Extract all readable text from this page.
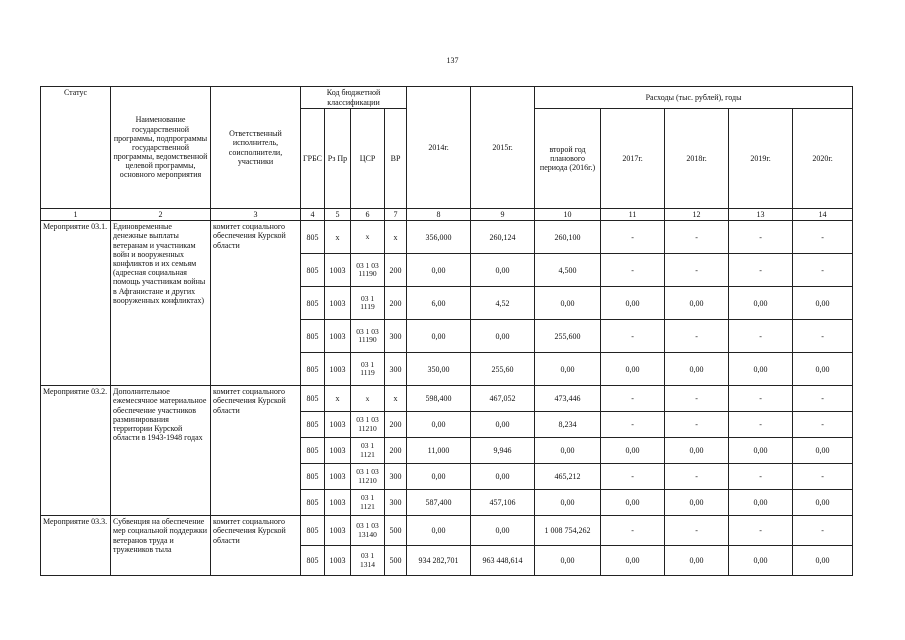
137
Статус	Наименование государственной программы, подпрограммы государственной программы, ведомственной целевой программы, основного мероприятия	Ответственный исполнитель, соисполнители, участники	Код бюджетной классификации				2014г.	2015г.	Расходы (тыс. рублей), годы				
			ГРБС	Рз Пр	ЦСР	ВР			второй год планового периода (2016г.)	2017г.	2018г.	2019г.	2020г.
1	2	3	4	5	6	7	8	9	10	11	12	13	14
Мероприятие 03.1.	Единовременные денежные выплаты ветеранам и участникам войн и вооруженных конфликтов и их семьям (адресная социальная помощь участникам войны в Афганистане и других вооруженных конфликтах)	комитет социального обеспечения Курской области	805	х	х	х	356,000	260,124	260,100	-	-	-	-
			805	1003	03 1 03 11190	200	0,00	0,00	4,500	-	-	-	-
			805	1003	03 1 1119	200	6,00	4,52	0,00	0,00	0,00	0,00	0,00
			805	1003	03 1 03 11190	300	0,00	0,00	255,600	-	-	-	-
			805	1003	03 1 1119	300	350,00	255,60	0,00	0,00	0,00	0,00	0,00
Мероприятие 03.2.	Дополнительное ежемесячное материальное обеспечение участников разминирования территории Курской области в 1943-1948 годах	комитет социального обеспечения Курской области	805	х	х	х	598,400	467,052	473,446	-	-	-	-
			805	1003	03 1 03 11210	200	0,00	0,00	8,234	-	-	-	-
			805	1003	03 1 1121	200	11,000	9,946	0,00	0,00	0,00	0,00	0,00
			805	1003	03 1 03 11210	300	0,00	0,00	465,212	-	-	-	-
			805	1003	03 1 1121	300	587,400	457,106	0,00	0,00	0,00	0,00	0,00
Мероприятие 03.3.	Субвенция на обеспечение мер социальной поддержки ветеранов труда и тружеников тыла	комитет социального обеспечения Курской области	805	1003	03 1 03 13140	500	0,00	0,00	1 008 754,262	-	-	-	-
			805	1003	03 1 1314	500	934 282,701	963 448,614	0,00	0,00	0,00	0,00	0,00
